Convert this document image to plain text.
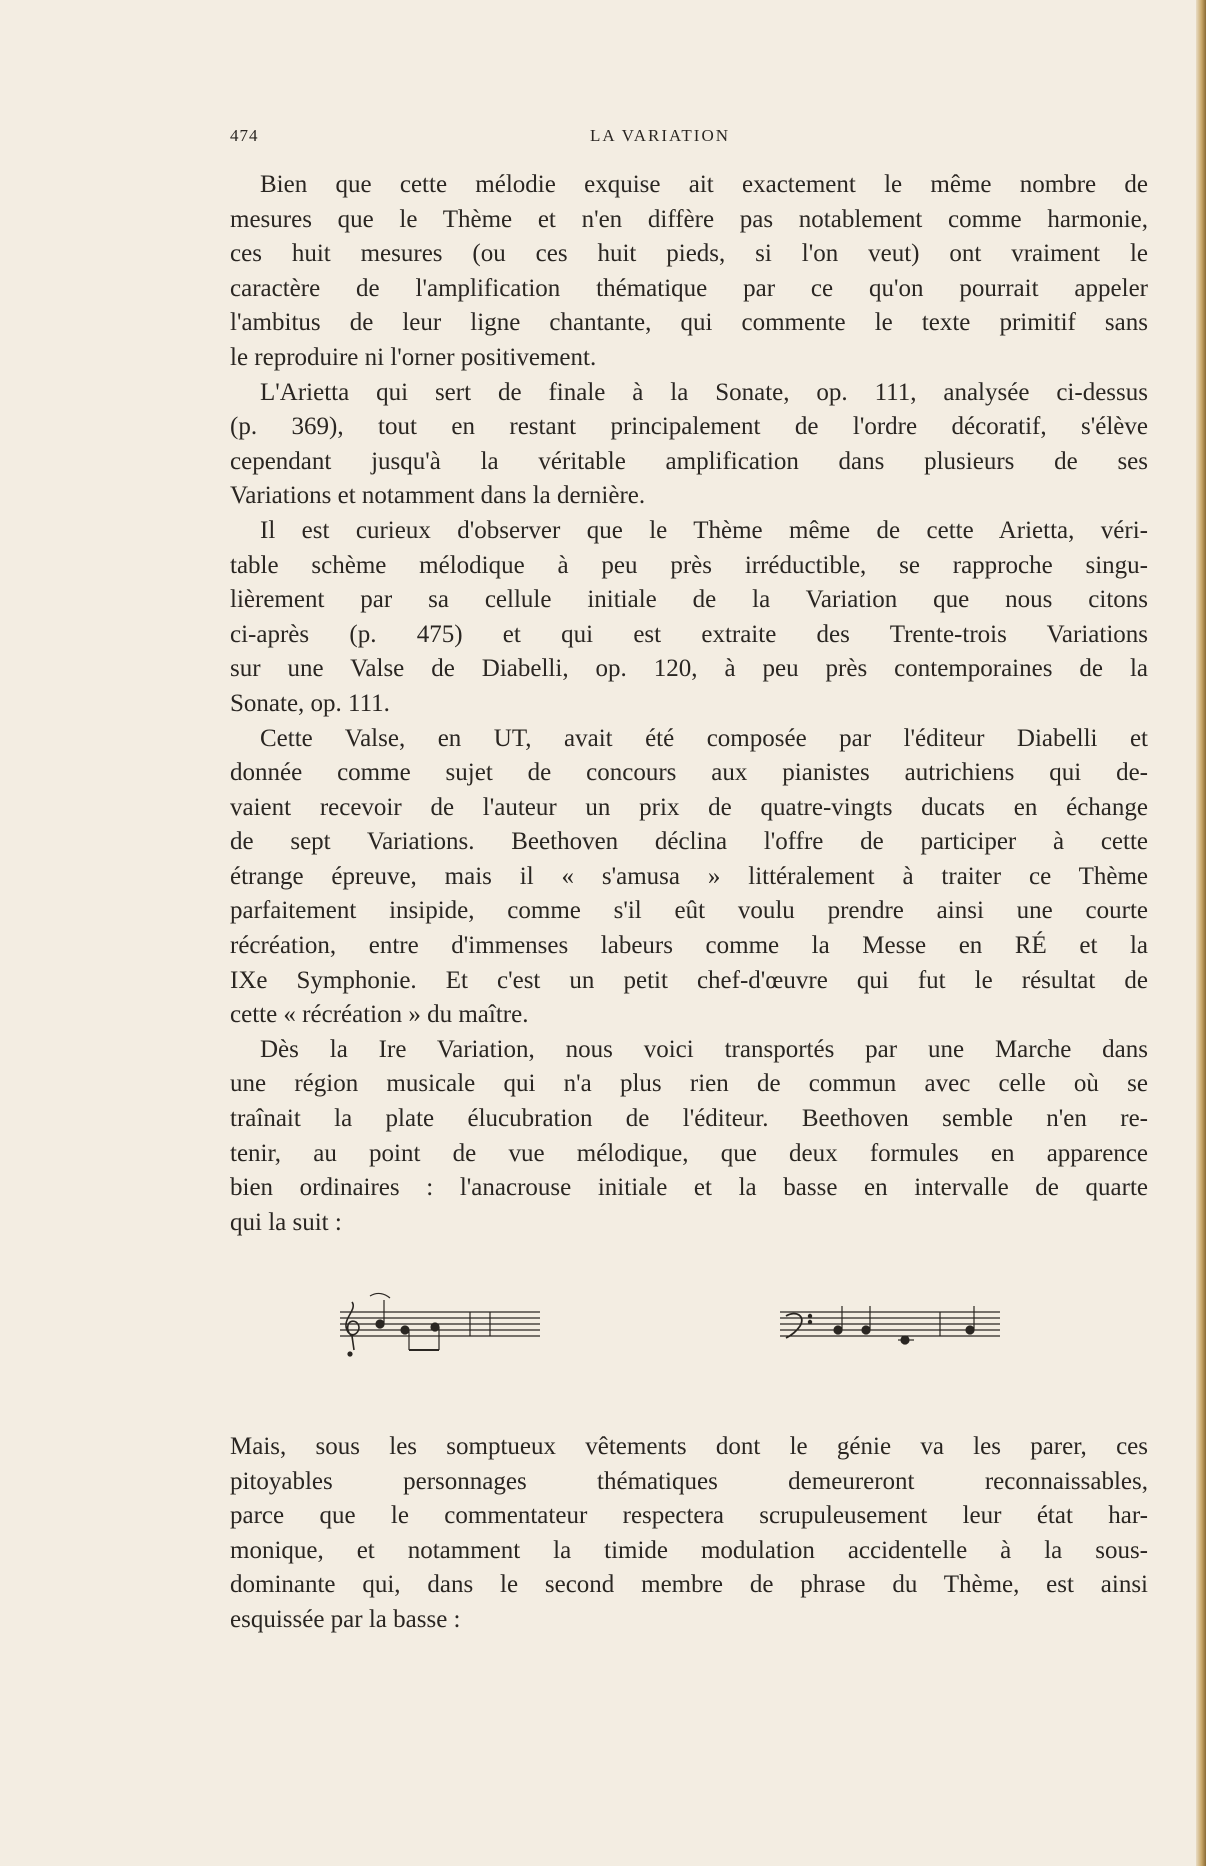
474	LA VARIATION
Bien que cette mélodie exquise ait exactement le même nombre de
mesures que le Thème et n'en diffère pas notablement comme harmonie,
ces huit mesures (ou ces huit pieds, si l'on veut) ont vraiment le
caractère de l'amplification thématique par ce qu'on pourrait appeler
l'ambitus de leur ligne chantante, qui commente le texte primitif sans
le reproduire ni l'orner positivement.
L'Arietta qui sert de finale à la Sonate, op. 111, analysée ci-dessus
(p. 369), tout en restant principalement de l'ordre décoratif, s'élève
cependant jusqu'à la véritable amplification dans plusieurs de ses
Variations et notamment dans la dernière.
Il est curieux d'observer que le Thème même de cette Arietta, véri-
table schème mélodique à peu près irréductible, se rapproche singu-
lièrement par sa cellule initiale de la Variation que nous citons
ci-après (p. 475) et qui est extraite des Trente-trois Variations
sur une Valse de Diabelli, op. 120, à peu près contemporaines de la
Sonate, op. 111.
Cette Valse, en UT, avait été composée par l'éditeur Diabelli et
donnée comme sujet de concours aux pianistes autrichiens qui de-
vaient recevoir de l'auteur un prix de quatre-vingts ducats en échange
de sept Variations. Beethoven déclina l'offre de participer à cette
étrange épreuve, mais il « s'amusa » littéralement à traiter ce Thème
parfaitement insipide, comme s'il eût voulu prendre ainsi une courte
récréation, entre d'immenses labeurs comme la Messe en RÉ et la
IXe Symphonie. Et c'est un petit chef-d'œuvre qui fut le résultat de
cette « récréation » du maître.
Dès la Ire Variation, nous voici transportés par une Marche dans
une région musicale qui n'a plus rien de commun avec celle où se
traînait la plate élucubration de l'éditeur. Beethoven semble n'en re-
tenir, au point de vue mélodique, que deux formules en apparence
bien ordinaires : l'anacrouse initiale et la basse en intervalle de quarte
qui la suit :
Mais, sous les somptueux vêtements dont le génie va les parer, ces
pitoyables personnages thématiques demeureront reconnaissables,
parce que le commentateur respectera scrupuleusement leur état har-
monique, et notamment la timide modulation accidentelle à la sous-
dominante qui, dans le second membre de phrase du Thème, est ainsi
esquissée par la basse :
